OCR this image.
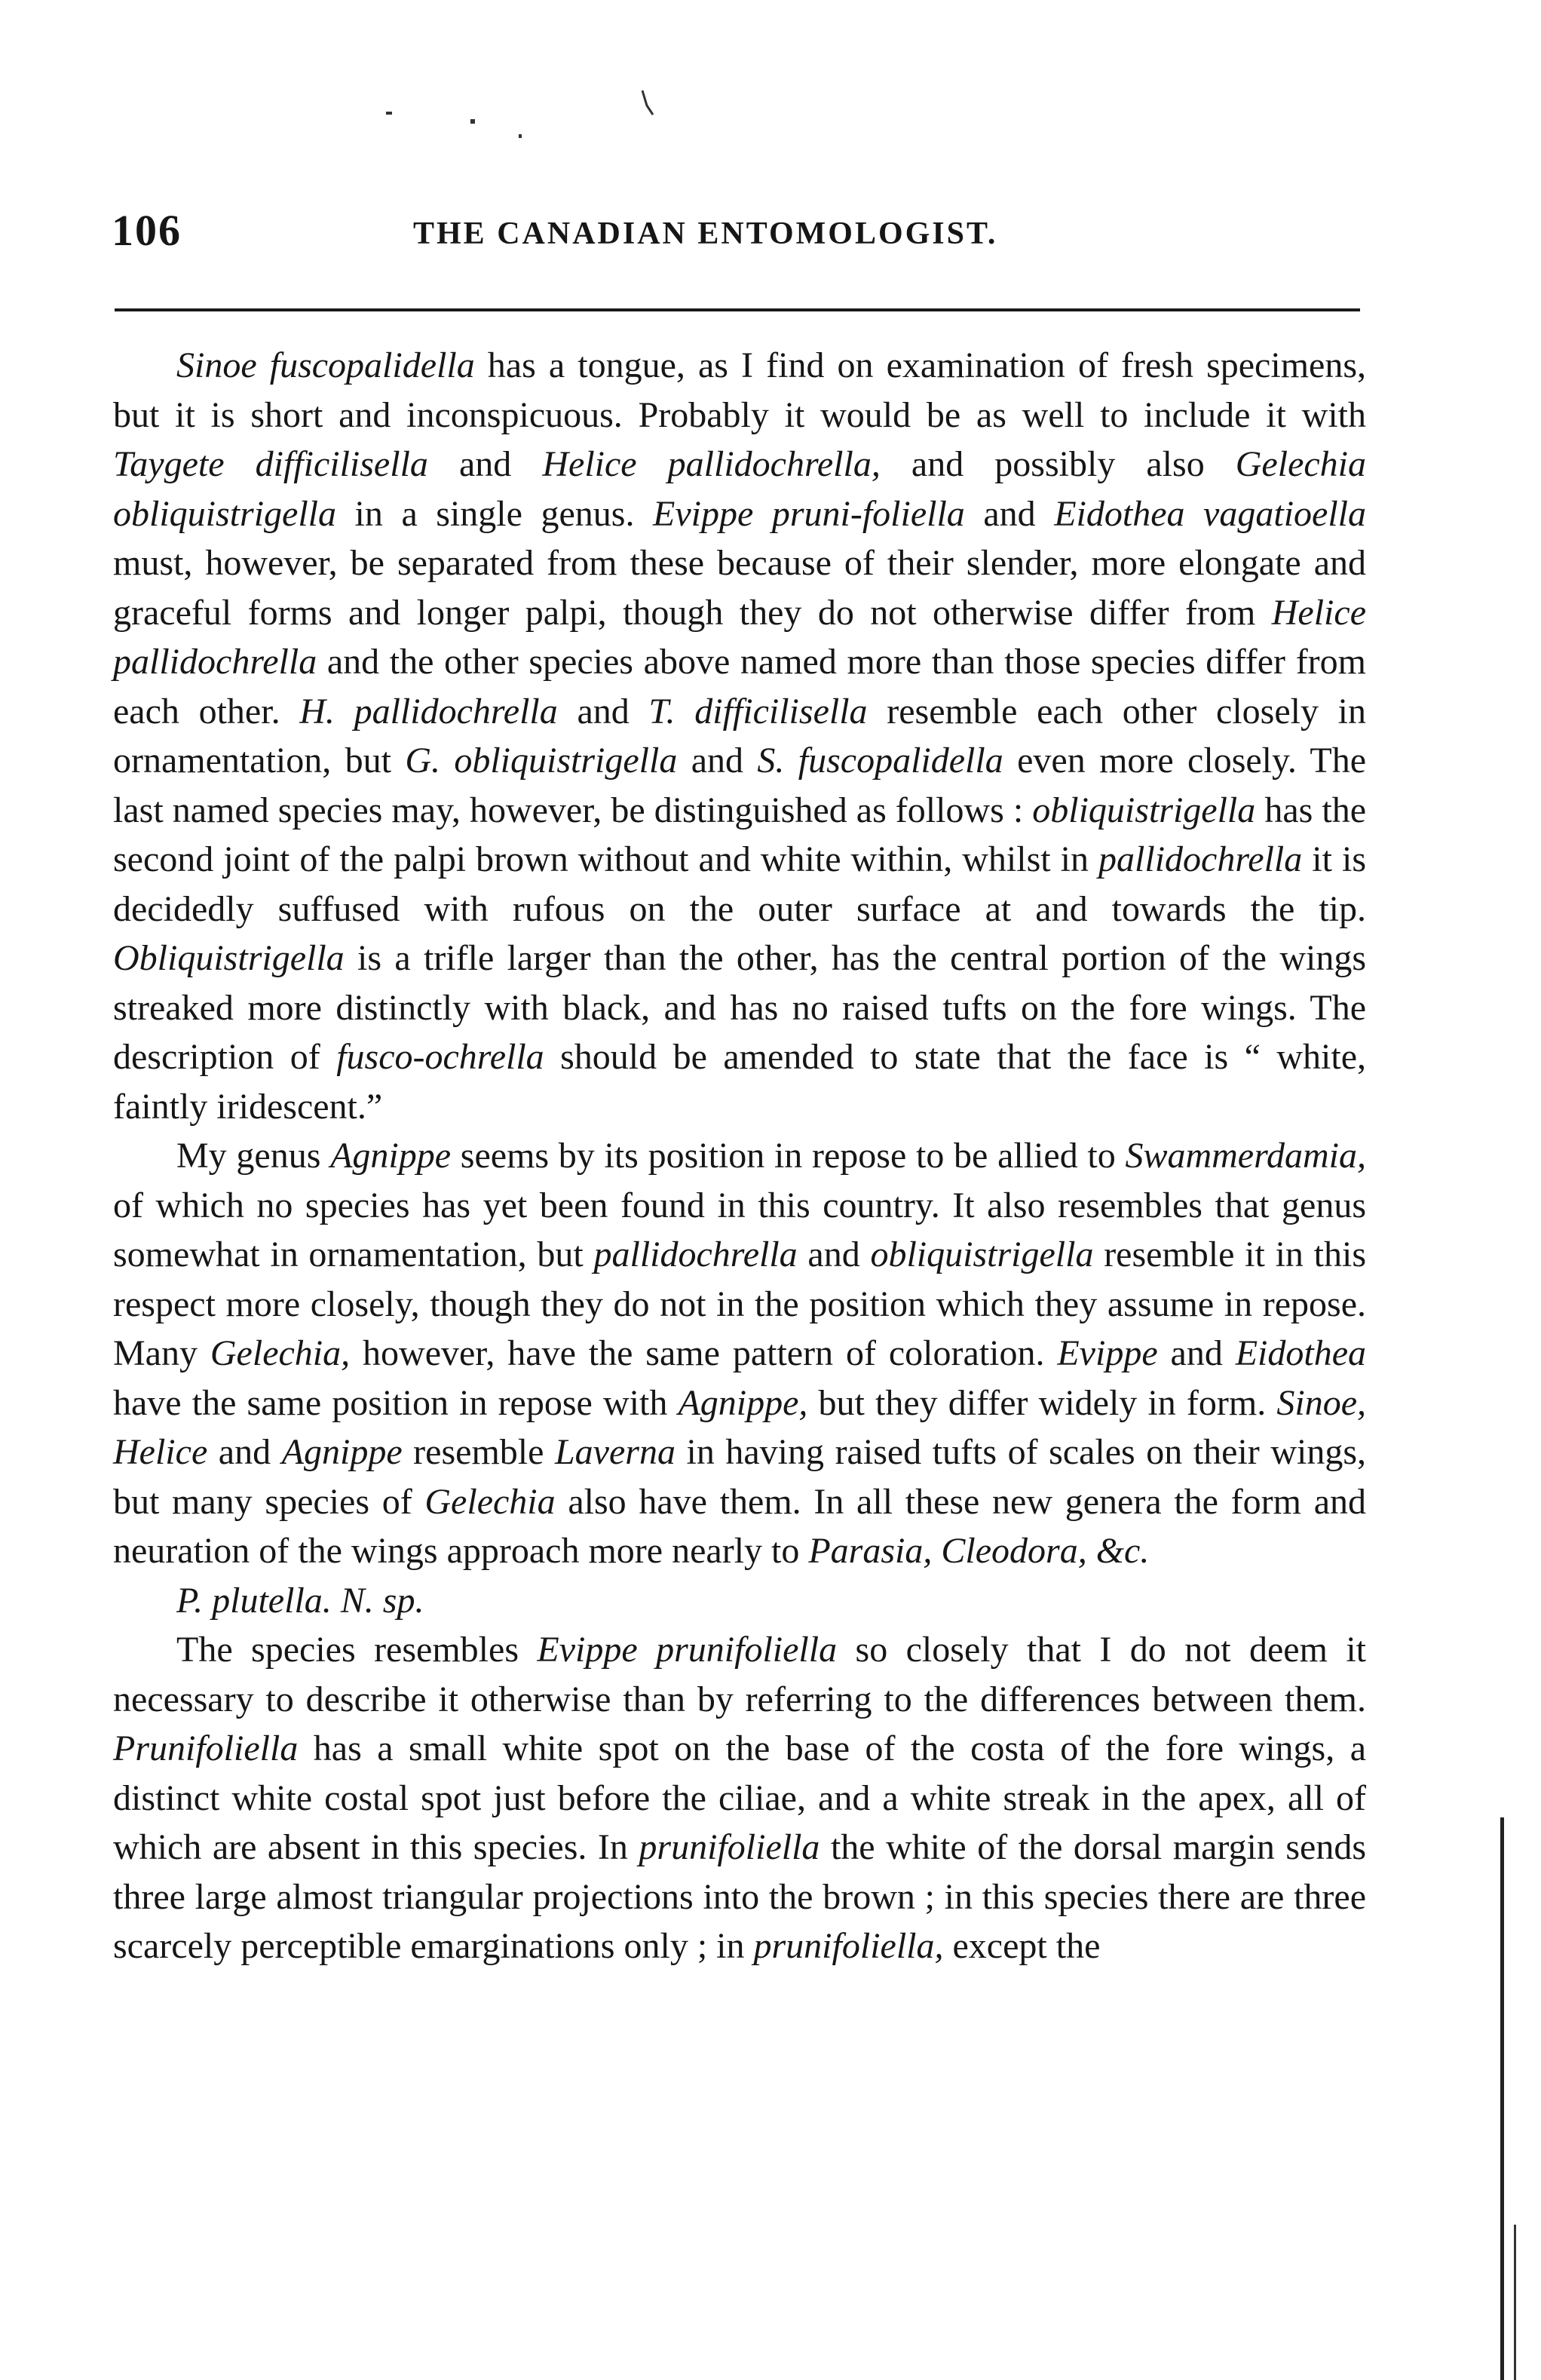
106	THE CANADIAN ENTOMOLOGIST.

Sinoe fuscopalidella has a tongue, as I find on examination of fresh specimens, but it is short and inconspicuous. Probably it would be as well to include it with Taygete difficilisella and Helice pallidochrella, and possibly also Gelechia obliquistrigella in a single genus. Evippe pruni-foliella and Eidothea vagatioella must, however, be separated from these because of their slender, more elongate and graceful forms and longer palpi, though they do not otherwise differ from Helice pallidochrella and the other species above named more than those species differ from each other. H. pallidochrella and T. difficilisella resemble each other closely in ornamentation, but G. obliquistrigella and S. fuscopalidella even more closely. The last named species may, however, be distinguished as follows : obliquistrigella has the second joint of the palpi brown without and white within, whilst in pallidochrella it is decidedly suffused with rufous on the outer surface at and towards the tip. Obliquistrigella is a trifle larger than the other, has the central portion of the wings streaked more distinctly with black, and has no raised tufts on the fore wings. The description of fusco-ochrella should be amended to state that the face is “ white, faintly iridescent.”

My genus Agnippe seems by its position in repose to be allied to Swammerdamia, of which no species has yet been found in this country. It also resembles that genus somewhat in ornamentation, but pallidochrella and obliquistrigella resemble it in this respect more closely, though they do not in the position which they assume in repose. Many Gelechia, however, have the same pattern of coloration. Evippe and Eidothea have the same position in repose with Agnippe, but they differ widely in form. Sinoe, Helice and Agnippe resemble Laverna in having raised tufts of scales on their wings, but many species of Gelechia also have them. In all these new genera the form and neuration of the wings approach more nearly to Parasia, Cleodora, &c.

P. plutella. N. sp.

The species resembles Evippe prunifoliella so closely that I do not deem it necessary to describe it otherwise than by referring to the differences between them. Prunifoliella has a small white spot on the base of the costa of the fore wings, a distinct white costal spot just before the ciliae, and a white streak in the apex, all of which are absent in this species. In prunifoliella the white of the dorsal margin sends three large almost triangular projections into the brown ; in this species there are three scarcely perceptible emarginations only ; in prunifoliella, except the
